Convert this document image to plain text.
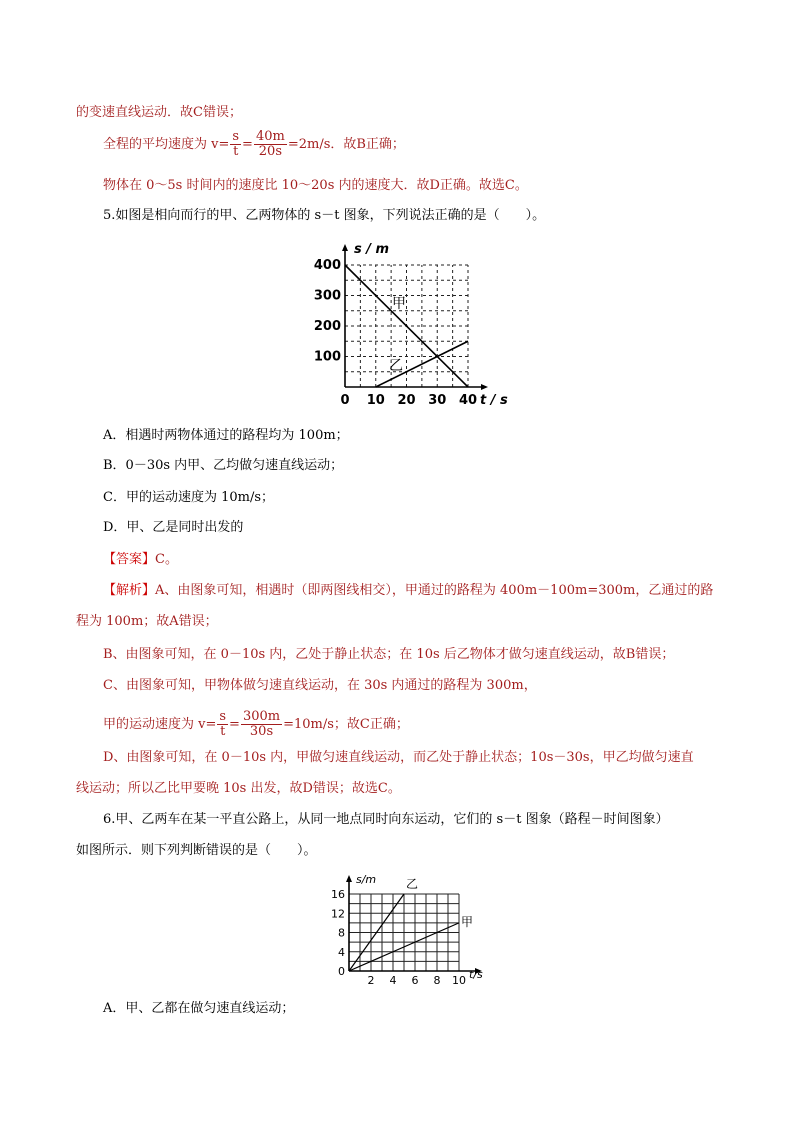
的变速直线运动．故C错误；
全程的平均速度为 $v= \frac{s}{t} = \frac{40m}{20s} =2m/s$．故B正确；
物体在 0～5s 时间内的速度比 10～20s 内的速度大．故D正确。故选C。
5.如图是相向而行的甲、乙两物体的 s－t 图象，下列说法正确的是（　　）。
甲
乙
0 10 20 30 40
100
200
300
400
t / s
s / m
A．相遇时两物体通过的路程均为 100m；
B．0－30s 内甲、乙均做匀速直线运动；
C．甲的运动速度为 10m/s；
D．甲、乙是同时出发的
【答案】C。
【解析】A、由图象可知，相遇时（即两图线相交），甲通过的路程为 400m－100m=300m，乙通过的路
程为 100m；故A错误；
B、由图象可知，在 0－10s 内，乙处于静止状态；在 10s 后乙物体才做匀速直线运动，故B错误；
C、由图象可知，甲物体做匀速直线运动，在 30s 内通过的路程为 300m，
甲的运动速度为 $v= \frac{s}{t} = \frac{300m}{30s} =10m/s$；故C正确；
D、由图象可知，在 0－10s 内，甲做匀速直线运动，而乙处于静止状态；10s－30s，甲乙均做匀速直
线运动；所以乙比甲要晚 10s 出发，故D错误；故选C。
6.甲、乙两车在某一平直公路上，从同一地点同时向东运动，它们的 s－t 图象（路程－时间图象）
如图所示．则下列判断错误的是（　　）。
乙
甲
2 4 6 8 10
0
4
8
12
16
t/s
s/m
A．甲、乙都在做匀速直线运动；
